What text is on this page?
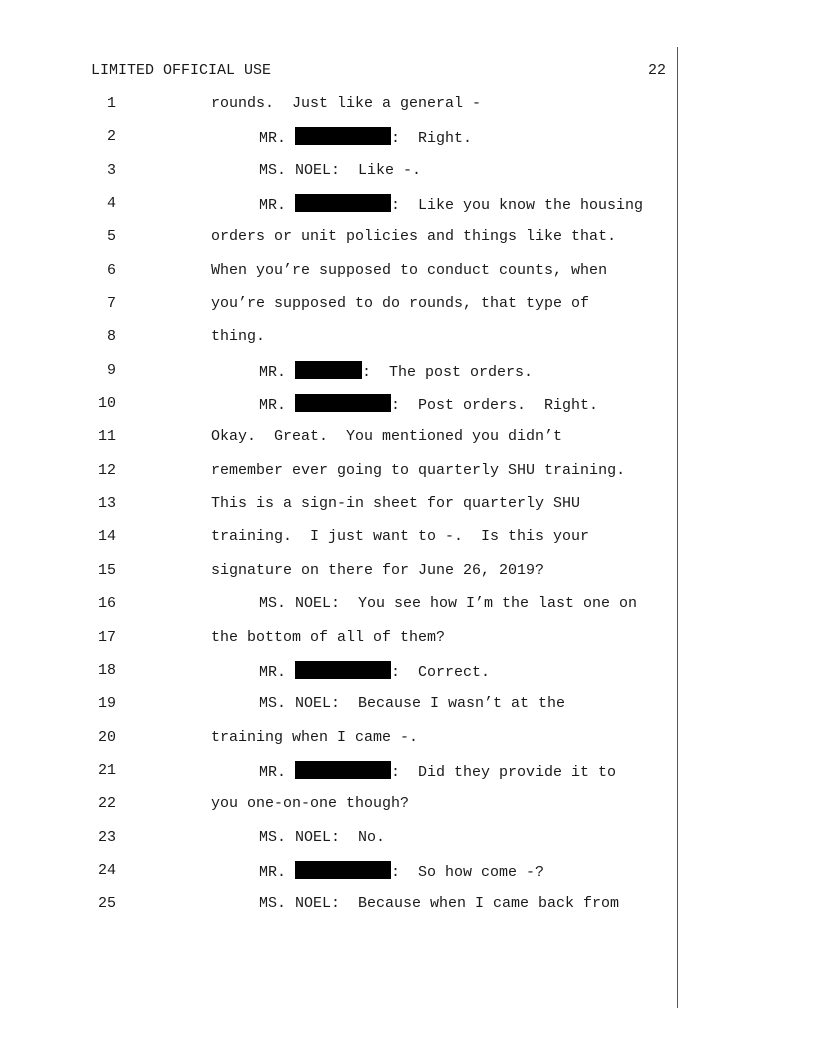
LIMITED OFFICIAL USE	22
1	rounds.  Just like a general -
2	MR.	:  Right.
3	MS. NOEL:  Like -.
4	MR.	:  Like you know the housing
5	orders or unit policies and things like that.
6	When you’re supposed to conduct counts, when
7	you’re supposed to do rounds, that type of
8	thing.
9	MR.	:  The post orders.
10	MR.	:  Post orders.  Right.
11	Okay.  Great.  You mentioned you didn’t
12	remember ever going to quarterly SHU training.
13	This is a sign-in sheet for quarterly SHU
14	training.  I just want to -.  Is this your
15	signature on there for June 26, 2019?
16	MS. NOEL:  You see how I’m the last one on
17	the bottom of all of them?
18	MR.	:  Correct.
19	MS. NOEL:  Because I wasn’t at the
20	training when I came -.
21	MR.	:  Did they provide it to
22	you one-on-one though?
23	MS. NOEL:  No.
24	MR.	:  So how come -?
25	MS. NOEL:  Because when I came back from
